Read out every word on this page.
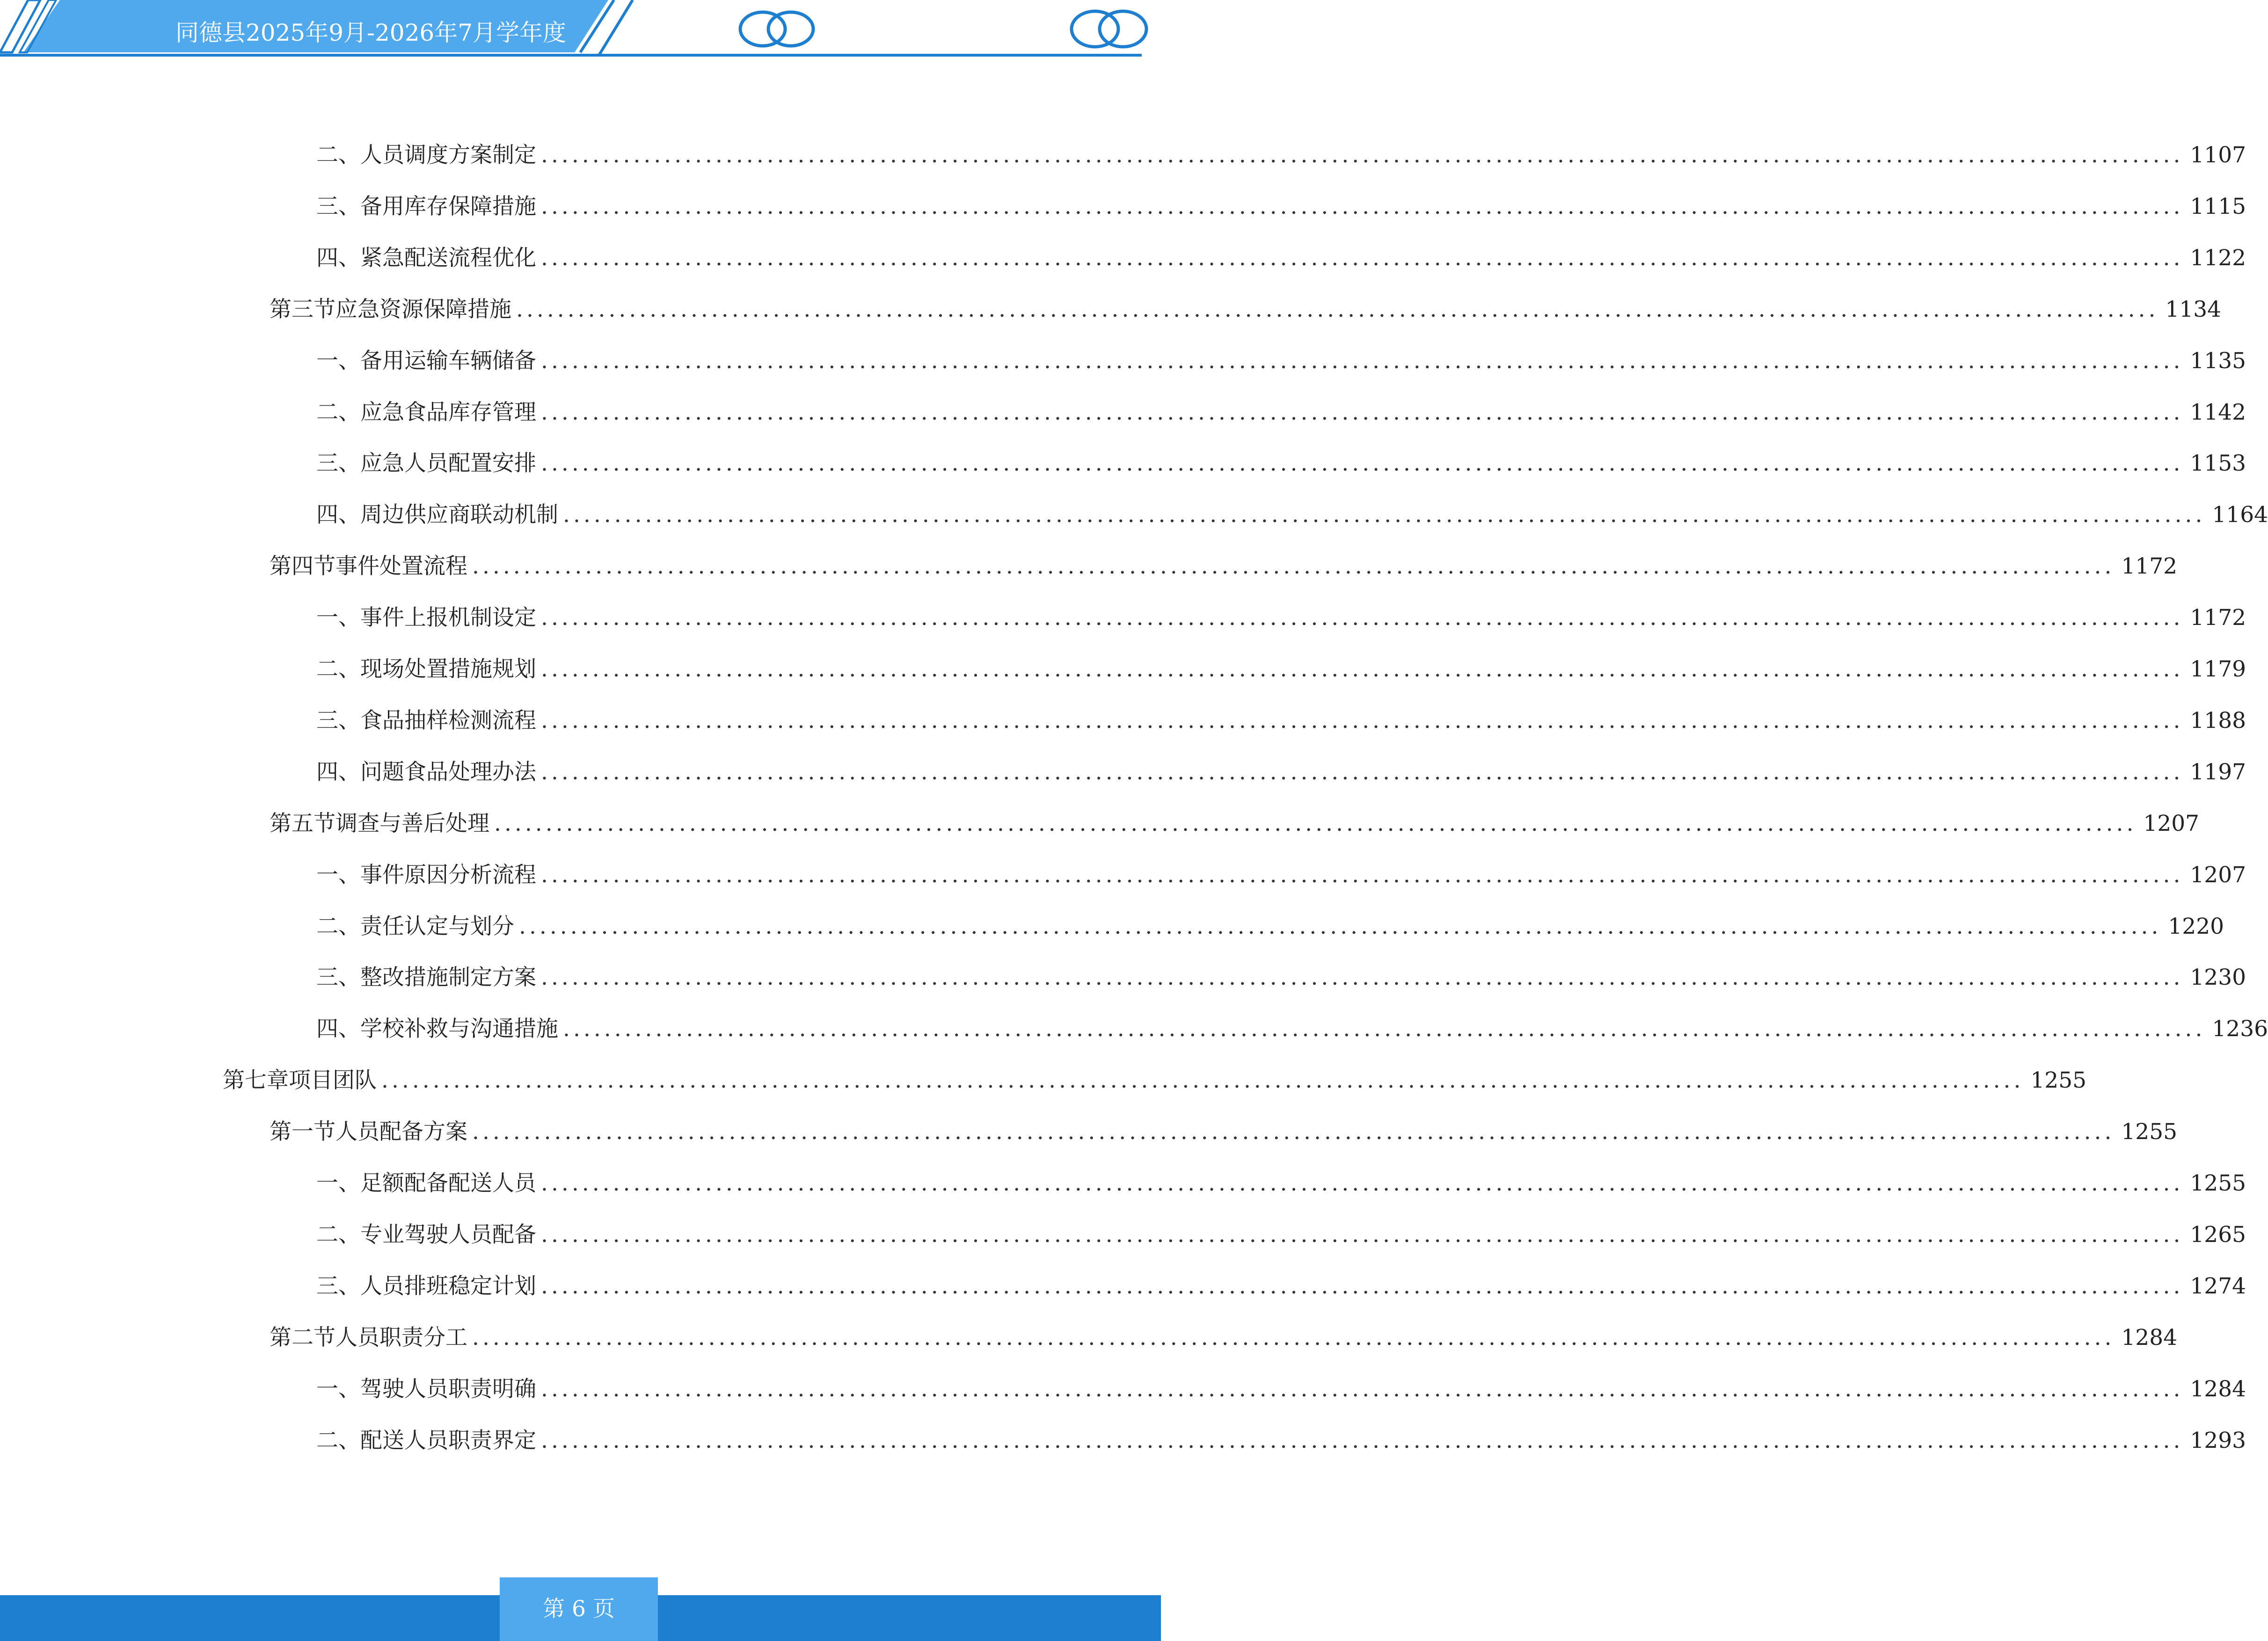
同德县2025年9月-2026年7月学年度
二、 人员调度方案制定 ................................................................................................................................................................ 1107
三、 备用库存保障措施 ................................................................................................................................................................ 1115
四、 紧急配送流程优化 ................................................................................................................................................................ 1122
第三节 应急资源保障措施 ................................................................................................................................................................ 1134
一、 备用运输车辆储备 ................................................................................................................................................................ 1135
二、 应急食品库存管理 ................................................................................................................................................................ 1142
三、 应急人员配置安排 ................................................................................................................................................................ 1153
四、 周边供应商联动机制 ................................................................................................................................................................ 1164
第四节 事件处置流程 ................................................................................................................................................................ 1172
一、 事件上报机制设定 ................................................................................................................................................................ 1172
二、 现场处置措施规划 ................................................................................................................................................................ 1179
三、 食品抽样检测流程 ................................................................................................................................................................ 1188
四、 问题食品处理办法 ................................................................................................................................................................ 1197
第五节 调查与善后处理 ................................................................................................................................................................ 1207
一、 事件原因分析流程 ................................................................................................................................................................ 1207
二、 责任认定与划分 ................................................................................................................................................................ 1220
三、 整改措施制定方案 ................................................................................................................................................................ 1230
四、 学校补救与沟通措施 ................................................................................................................................................................ 1236
第七章 项目团队 ................................................................................................................................................................ 1255
第一节 人员配备方案 ................................................................................................................................................................ 1255
一、 足额配备配送人员 ................................................................................................................................................................ 1255
二、 专业驾驶人员配备 ................................................................................................................................................................ 1265
三、 人员排班稳定计划 ................................................................................................................................................................ 1274
第二节 人员职责分工 ................................................................................................................................................................ 1284
一、 驾驶人员职责明确 ................................................................................................................................................................ 1284
二、 配送人员职责界定 ................................................................................................................................................................ 1293
第 6 页
